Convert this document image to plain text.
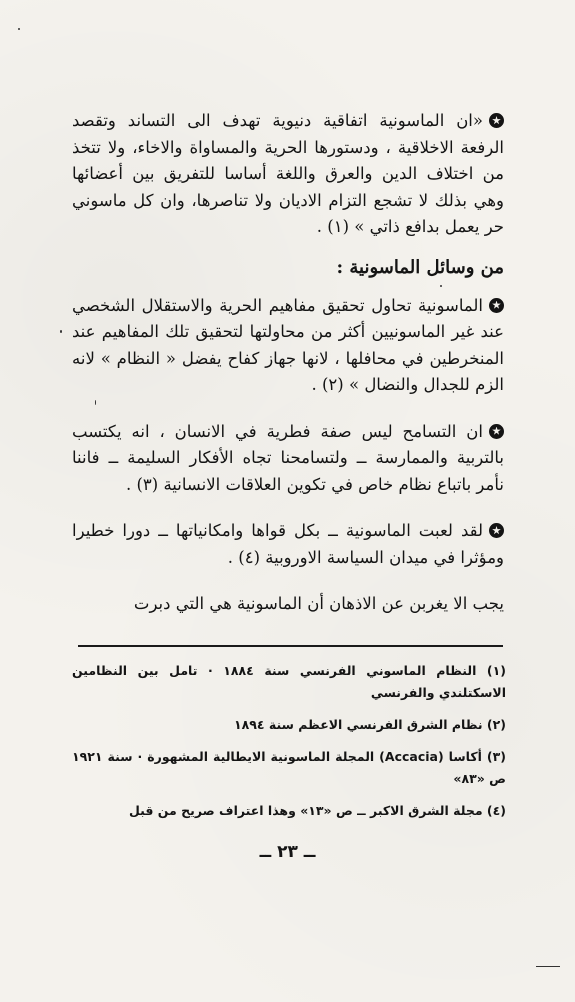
«ان الماسونية اتفاقية دنيوية تهدف الى التساند وتقصد الرفعة الاخلاقية ، ودستورها الحرية والمساواة والاخاء، ولا تتخذ من اختلاف الدين والعرق واللغة أساسا للتفريق بين أعضائها وهي بذلك لا تشجع التزام الاديان ولا تناصرها، وان كل ماسوني حر يعمل بدافع ذاتي » (١) .

من وسائل الماسونية :

الماسونية تحاول تحقيق مفاهيم الحرية والاستقلال الشخصي عند غير الماسونيين أكثر من محاولتها لتحقيق تلك المفاهيم عند المنخرطين في محافلها ، لانها جهاز كفاح يفضل « النظام » لانه الزم للجدال والنضال » (٢) .

ان التسامح ليس صفة فطرية في الانسان ، انه يكتسب بالتربية والممارسة ــ ولتسامحنا تجاه الأفكار السليمة ــ فاننا نأمر باتباع نظام خاص في تكوين العلاقات الانسانية (٣) .

لقد لعبت الماسونية ــ بكل قواها وامكانياتها ــ دورا خطيرا ومؤثرا في ميدان السياسة الاوروبية (٤) .

يجب الا يغربن عن الاذهان أن الماسونية هي التي دبرت

(١) النظام الماسوني الفرنسي سنة ١٨٨٤ · تامل بين النظامين الاسكتلندي والفرنسي

(٢) نظام الشرق الفرنسي الاعظم سنة ١٨٩٤

(٣) أكاسا (Accacia) المجلة الماسونية الايطالية المشهورة · سنة ١٩٢١ ص «٨٣»

(٤) مجلة الشرق الاكبر ــ ص «١٣» وهذا اعتراف صريح من قبل

ــ ٢٣ ــ
